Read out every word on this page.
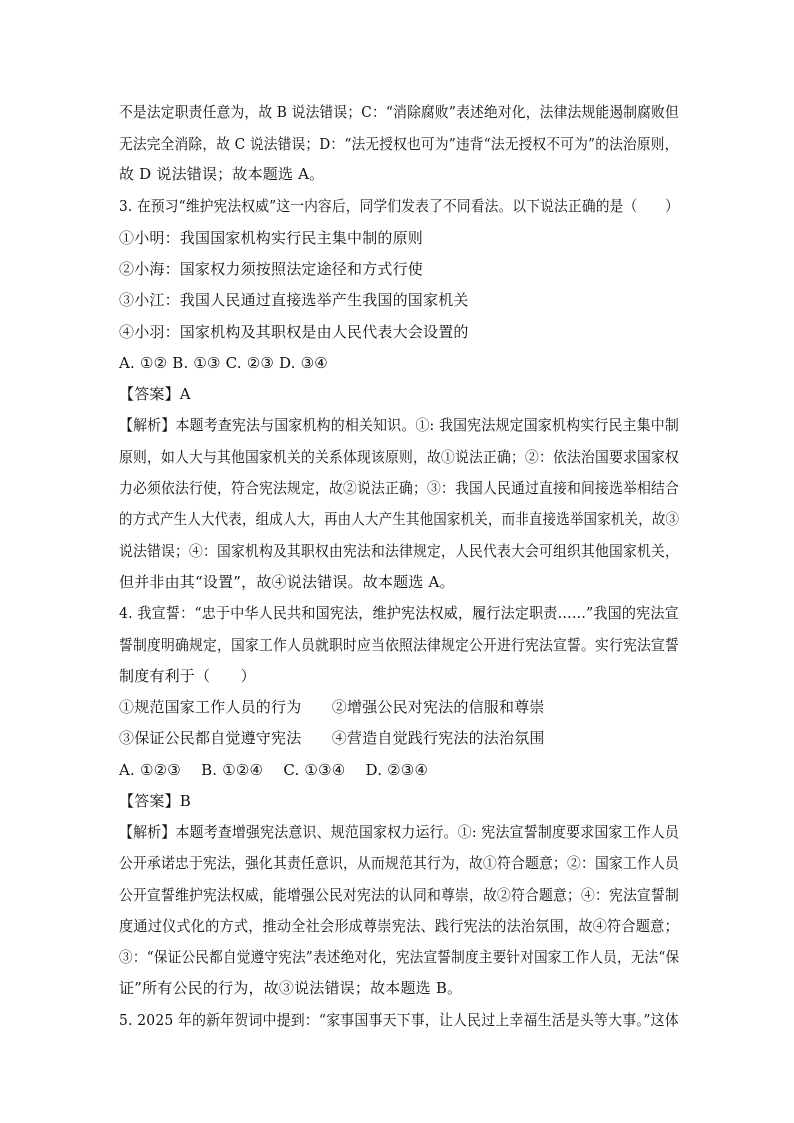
不是法定职责任意为，故 B 说法错误；C：“消除腐败”表述绝对化，法律法规能遏制腐败但
无法完全消除，故 C 说法错误；D：“法无授权也可为”违背“法无授权不可为”的法治原则，
故 D 说法错误；故本题选 A。
3. 在预习“维护宪法权威”这一内容后，同学们发表了不同看法。以下说法正确的是（　　）
①小明：我国国家机构实行民主集中制的原则
②小海：国家权力须按照法定途径和方式行使
③小江：我国人民通过直接选举产生我国的国家机关
④小羽：国家机构及其职权是由人民代表大会设置的
A. ①② B. ①③ C. ②③ D. ③④
【答案】A
【解析】本题考查宪法与国家机构的相关知识。①: 我国宪法规定国家机构实行民主集中制
原则，如人大与其他国家机关的关系体现该原则，故①说法正确；②：依法治国要求国家权
力必须依法行使，符合宪法规定，故②说法正确；③：我国人民通过直接和间接选举相结合
的方式产生人大代表，组成人大，再由人大产生其他国家机关，而非直接选举国家机关，故③
说法错误；④：国家机构及其职权由宪法和法律规定，人民代表大会可组织其他国家机关，
但并非由其“设置”，故④说法错误。故本题选 A。
4. 我宣誓：“忠于中华人民共和国宪法，维护宪法权威，履行法定职责……”我国的宪法宣
誓制度明确规定，国家工作人员就职时应当依照法律规定公开进行宪法宣誓。实行宪法宣誓
制度有利于（　　）
①规范国家工作人员的行为　　②增强公民对宪法的信服和尊崇
③保证公民都自觉遵守宪法　　④营造自觉践行宪法的法治氛围
A. ①②③　 B. ①②④　 C. ①③④　 D. ②③④
【答案】B
【解析】本题考查增强宪法意识、规范国家权力运行。①: 宪法宣誓制度要求国家工作人员
公开承诺忠于宪法，强化其责任意识，从而规范其行为，故①符合题意；②：国家工作人员
公开宣誓维护宪法权威，能增强公民对宪法的认同和尊崇，故②符合题意；④：宪法宣誓制
度通过仪式化的方式，推动全社会形成尊崇宪法、践行宪法的法治氛围，故④符合题意；
③：“保证公民都自觉遵守宪法”表述绝对化，宪法宣誓制度主要针对国家工作人员，无法“保
证”所有公民的行为，故③说法错误；故本题选 B。
5. 2025 年的新年贺词中提到：“家事国事天下事，让人民过上幸福生活是头等大事。”这体
